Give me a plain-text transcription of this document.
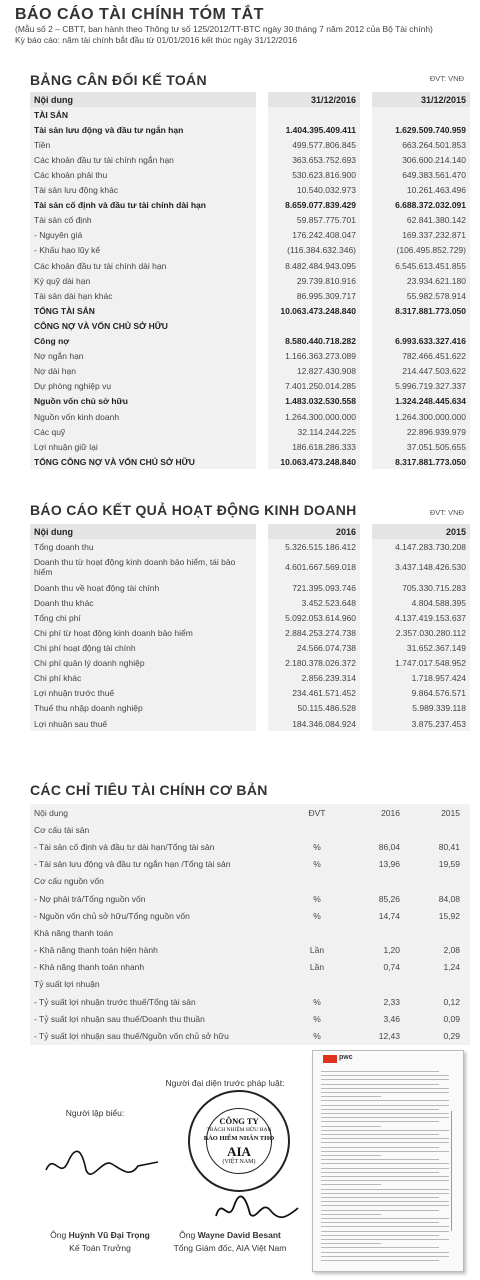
BÁO CÁO TÀI CHÍNH TÓM TẮT
(Mẫu số 2 – CBTT, ban hành theo Thông tư số 125/2012/TT-BTC ngày 30 tháng 7 năm 2012 của Bộ Tài chính)
Kỳ báo cáo: năm tài chính bắt đầu từ 01/01/2016 kết thúc ngày 31/12/2016
BẢNG CÂN ĐỐI KẾ TOÁN	ĐVT: VNĐ
Nội dung	31/12/2016	31/12/2015
TÀI SẢN		
Tài sản lưu động và đầu tư ngắn hạn	1.404.395.409.411	1.629.509.740.959
Tiền	499.577.806.845	663.264.501.853
Các khoản đầu tư tài chính ngắn hạn	363.653.752.693	306.600.214.140
Các khoản phải thu	530.623.816.900	649.383.561.470
Tài sản lưu động khác	10.540.032.973	10.261.463.496
Tài sản cố định và đầu tư tài chính dài hạn	8.659.077.839.429	6.688.372.032.091
Tài sản cố định	59.857.775.701	62.841.380.142
- Nguyên giá	176.242.408.047	169.337.232.871
- Khấu hao lũy kế	(116.384.632.346)	(106.495.852.729)
Các khoản đầu tư tài chính dài hạn	8.482.484.943.095	6.545.613.451.855
Ký quỹ dài hạn	29.739.810.916	23.934.621.180
Tài sản dài hạn khác	86.995.309.717	55.982.578.914
TỔNG TÀI SẢN	10.063.473.248.840	8.317.881.773.050
CÔNG NỢ VÀ VỐN CHỦ SỞ HỮU		
Công nợ	8.580.440.718.282	6.993.633.327.416
Nợ ngắn hạn	1.166.363.273.089	782.466.451.622
Nợ dài hạn	12.827.430.908	214.447.503.622
Dự phòng nghiệp vụ	7.401.250.014.285	5.996.719.327.337
Nguồn vốn chủ sở hữu	1.483.032.530.558	1.324.248.445.634
Nguồn vốn kinh doanh	1.264.300.000.000	1.264.300.000.000
Các quỹ	32.114.244.225	22.896.939.979
Lợi nhuận giữ lại	186.618.286.333	37.051.505.655
TỔNG CÔNG NỢ VÀ VỐN CHỦ SỞ HỮU	10.063.473.248.840	8.317.881.773.050
BÁO CÁO KẾT QUẢ HOẠT ĐỘNG KINH DOANH	ĐVT: VNĐ
Nội dung	2016	2015
Tổng doanh thu	5.326.515.186.412	4.147.283.730.208
Doanh thu từ hoạt động kinh doanh bảo hiểm, tái bảo hiểm	4.601.667.569.018	3.437.148.426.530
Doanh thu về hoạt động tài chính	721.395.093.746	705.330.715.283
Doanh thu khác	3.452.523.648	4.804.588.395
Tổng chi phí	5.092.053.614.960	4.137.419.153.637
Chi phí từ hoạt động kinh doanh bảo hiểm	2.884.253.274.738	2.357.030.280.112
Chi phí hoạt động tài chính	24.566.074.738	31.652.367.149
Chi phí quản lý doanh nghiệp	2.180.378.026.372	1.747.017.548.952
Chi phí khác	2.856.239.314	1.718.957.424
Lợi nhuận trước thuế	234.461.571.452	9.864.576.571
Thuế thu nhập doanh nghiệp	50.115.486.528	5.989.339.118
Lợi nhuận sau thuế	184.346.084.924	3.875.237.453
CÁC CHỈ TIÊU TÀI CHÍNH CƠ BẢN
Nội dung	ĐVT	2016	2015
Cơ cấu tài sản			
- Tài sản cố định và đầu tư dài hạn/Tổng tài sản	%	86,04	80,41
- Tài sản lưu động và đầu tư ngắn hạn /Tổng tài sản	%	13,96	19,59
Cơ cấu nguồn vốn			
- Nợ phải trả/Tổng nguồn vốn	%	85,26	84,08
- Nguồn vốn chủ sở hữu/Tổng nguồn vốn	%	14,74	15,92
Khả năng thanh toán			
- Khả năng thanh toán hiện hành	Lần	1,20	2,08
- Khả năng thanh toán nhanh	Lần	0,74	1,24
Tỷ suất lợi nhuận			
- Tỷ suất lợi nhuận trước thuế/Tổng tài sản	%	2,33	0,12
- Tỷ suất lợi nhuận sau thuế/Doanh thu thuần	%	3,46	0,09
- Tỷ suất lợi nhuận sau thuế/Nguồn vốn chủ sở hữu	%	12,43	0,29
Người lập biểu:
Ông Huỳnh Vũ Đại Trọng
Kế Toán Trưởng
Người đại diện trước pháp luật:
CÔNG TY
TRÁCH NHIỆM HỮU HẠN
BẢO HIỂM NHÂN THỌ
AIA
(VIỆT NAM)
Ông Wayne David Besant
Tổng Giám đốc, AIA Việt Nam
pwc
